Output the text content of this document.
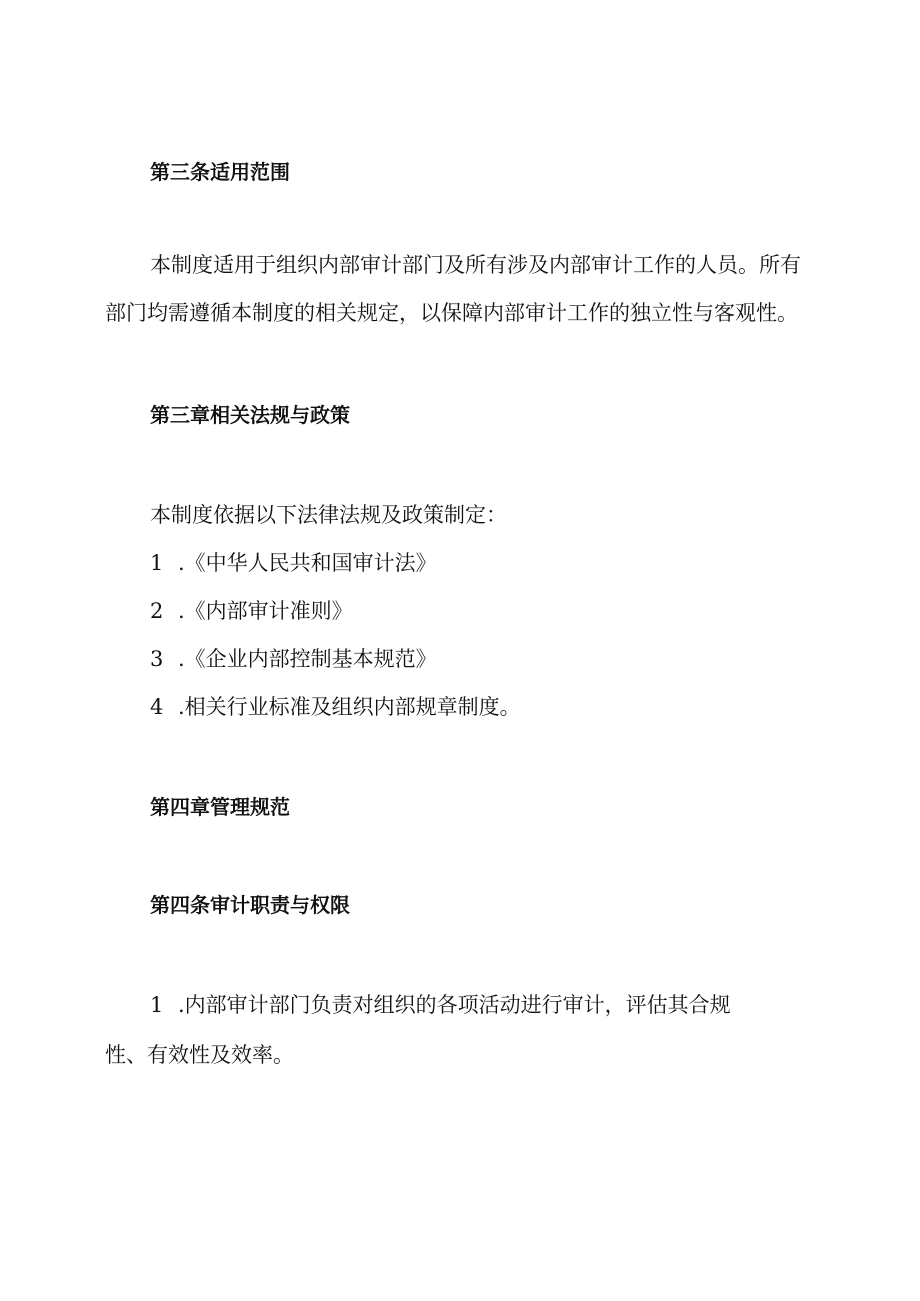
第三条适用范围
本制度适用于组织内部审计部门及所有涉及内部审计工作的人员。所有
部门均需遵循本制度的相关规定，以保障内部审计工作的独立性与客观性。
第三章相关法规与政策
本制度依据以下法律法规及政策制定：
1 .《中华人民共和国审计法》
2 .《内部审计准则》
3 .《企业内部控制基本规范》
4 .相关行业标准及组织内部规章制度。
第四章管理规范
第四条审计职责与权限
1 .内部审计部门负责对组织的各项活动进行审计，评估其合规
性、有效性及效率。
